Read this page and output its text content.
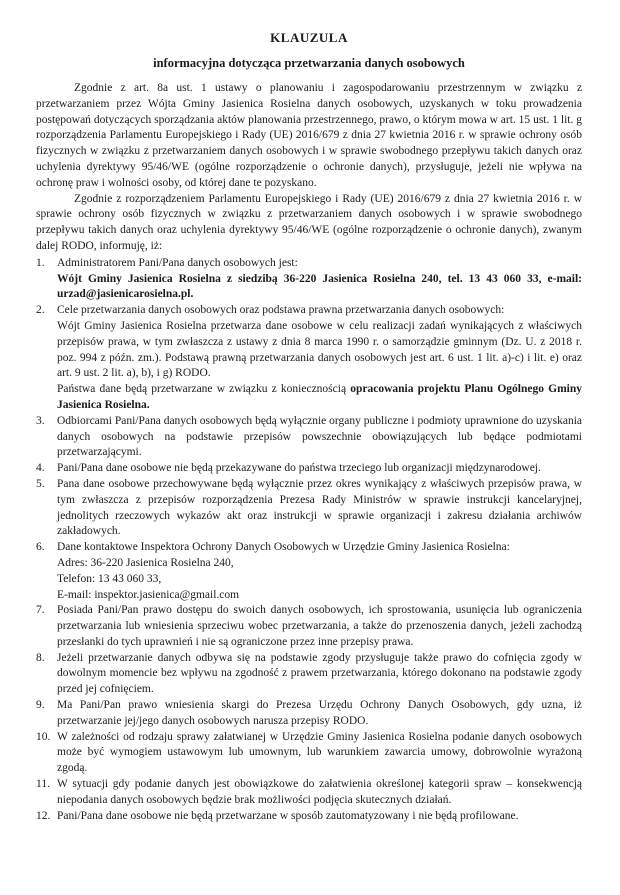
KLAUZULA
informacyjna dotycząca przetwarzania danych osobowych

Zgodnie z art. 8a ust. 1 ustawy o planowaniu i zagospodarowaniu przestrzennym w związku z przetwarzaniem przez Wójta Gminy Jasienica Rosielna danych osobowych, uzyskanych w toku prowadzenia postępowań dotyczących sporządzania aktów planowania przestrzennego, prawo, o którym mowa w art. 15 ust. 1 lit. g rozporządzenia Parlamentu Europejskiego i Rady (UE) 2016/679 z dnia 27 kwietnia 2016 r. w sprawie ochrony osób fizycznych w związku z przetwarzaniem danych osobowych i w sprawie swobodnego przepływu takich danych oraz uchylenia dyrektywy 95/46/WE (ogólne rozporządzenie o ochronie danych), przysługuje, jeżeli nie wpływa na ochronę praw i wolności osoby, od której dane te pozyskano.

Zgodnie z rozporządzeniem Parlamentu Europejskiego i Rady (UE) 2016/679 z dnia 27 kwietnia 2016 r. w sprawie ochrony osób fizycznych w związku z przetwarzaniem danych osobowych i w sprawie swobodnego przepływu takich danych oraz uchylenia dyrektywy 95/46/WE (ogólne rozporządzenie o ochronie danych), zwanym dalej RODO, informuję, iż:

1.	Administratorem Pani/Pana danych osobowych jest:
Wójt Gminy Jasienica Rosielna z siedzibą 36-220 Jasienica Rosielna 240, tel. 13 43 060 33, e-mail: urzad@jasienicarosielna.pl.
2.	Cele przetwarzania danych osobowych oraz podstawa prawna przetwarzania danych osobowych:
Wójt Gminy Jasienica Rosielna przetwarza dane osobowe w celu realizacji zadań wynikających z właściwych przepisów prawa, w tym zwłaszcza z ustawy z dnia 8 marca 1990 r. o samorządzie gminnym (Dz. U. z 2018 r. poz. 994 z późn. zm.). Podstawą prawną przetwarzania danych osobowych jest art. 6 ust. 1 lit. a)-c) i lit. e) oraz art. 9 ust. 2 lit. a), b), i g) RODO.

Państwa dane będą przetwarzane w związku z koniecznością opracowania projektu Planu Ogólnego Gminy Jasienica Rosielna.

3.	Odbiorcami Pani/Pana danych osobowych będą wyłącznie organy publiczne i podmioty uprawnione do uzyskania danych osobowych na podstawie przepisów powszechnie obowiązujących lub będące podmiotami przetwarzającymi.
4.	Pani/Pana dane osobowe nie będą przekazywane do państwa trzeciego lub organizacji międzynarodowej.
5.	Pana dane osobowe przechowywane będą wyłącznie przez okres wynikający z właściwych przepisów prawa, w tym zwłaszcza z przepisów rozporządzenia Prezesa Rady Ministrów w sprawie instrukcji kancelaryjnej, jednolitych rzeczowych wykazów akt oraz instrukcji w sprawie organizacji i zakresu działania archiwów zakładowych.
6.	Dane kontaktowe Inspektora Ochrony Danych Osobowych w Urzędzie Gminy Jasienica Rosielna:
Adres: 36-220 Jasienica Rosielna 240,
Telefon: 13 43 060 33,
E-mail: inspektor.jasienica@gmail.com
7.	Posiada Pani/Pan prawo dostępu do swoich danych osobowych, ich sprostowania, usunięcia lub ograniczenia przetwarzania lub wniesienia sprzeciwu wobec przetwarzania, a także do przenoszenia danych, jeżeli zachodzą przesłanki do tych uprawnień i nie są ograniczone przez inne przepisy prawa.
8.	Jeżeli przetwarzanie danych odbywa się na podstawie zgody przysługuje także prawo do cofnięcia zgody w dowolnym momencie bez wpływu na zgodność z prawem przetwarzania, którego dokonano na podstawie zgody przed jej cofnięciem.
9.	Ma Pani/Pan prawo wniesienia skargi do Prezesa Urzędu Ochrony Danych Osobowych, gdy uzna, iż przetwarzanie jej/jego danych osobowych narusza przepisy RODO.
10. W zależności od rodzaju sprawy załatwianej w Urzędzie Gminy Jasienica Rosielna podanie danych osobowych może być wymogiem ustawowym lub umownym, lub warunkiem zawarcia umowy, dobrowolnie wyrażoną zgodą.
11. W sytuacji gdy podanie danych jest obowiązkowe do załatwienia określonej kategorii spraw – konsekwencją niepodania danych osobowych będzie brak możliwości podjęcia skutecznych działań.
12. Pani/Pana dane osobowe nie będą przetwarzane w sposób zautomatyzowany i nie będą profilowane.
